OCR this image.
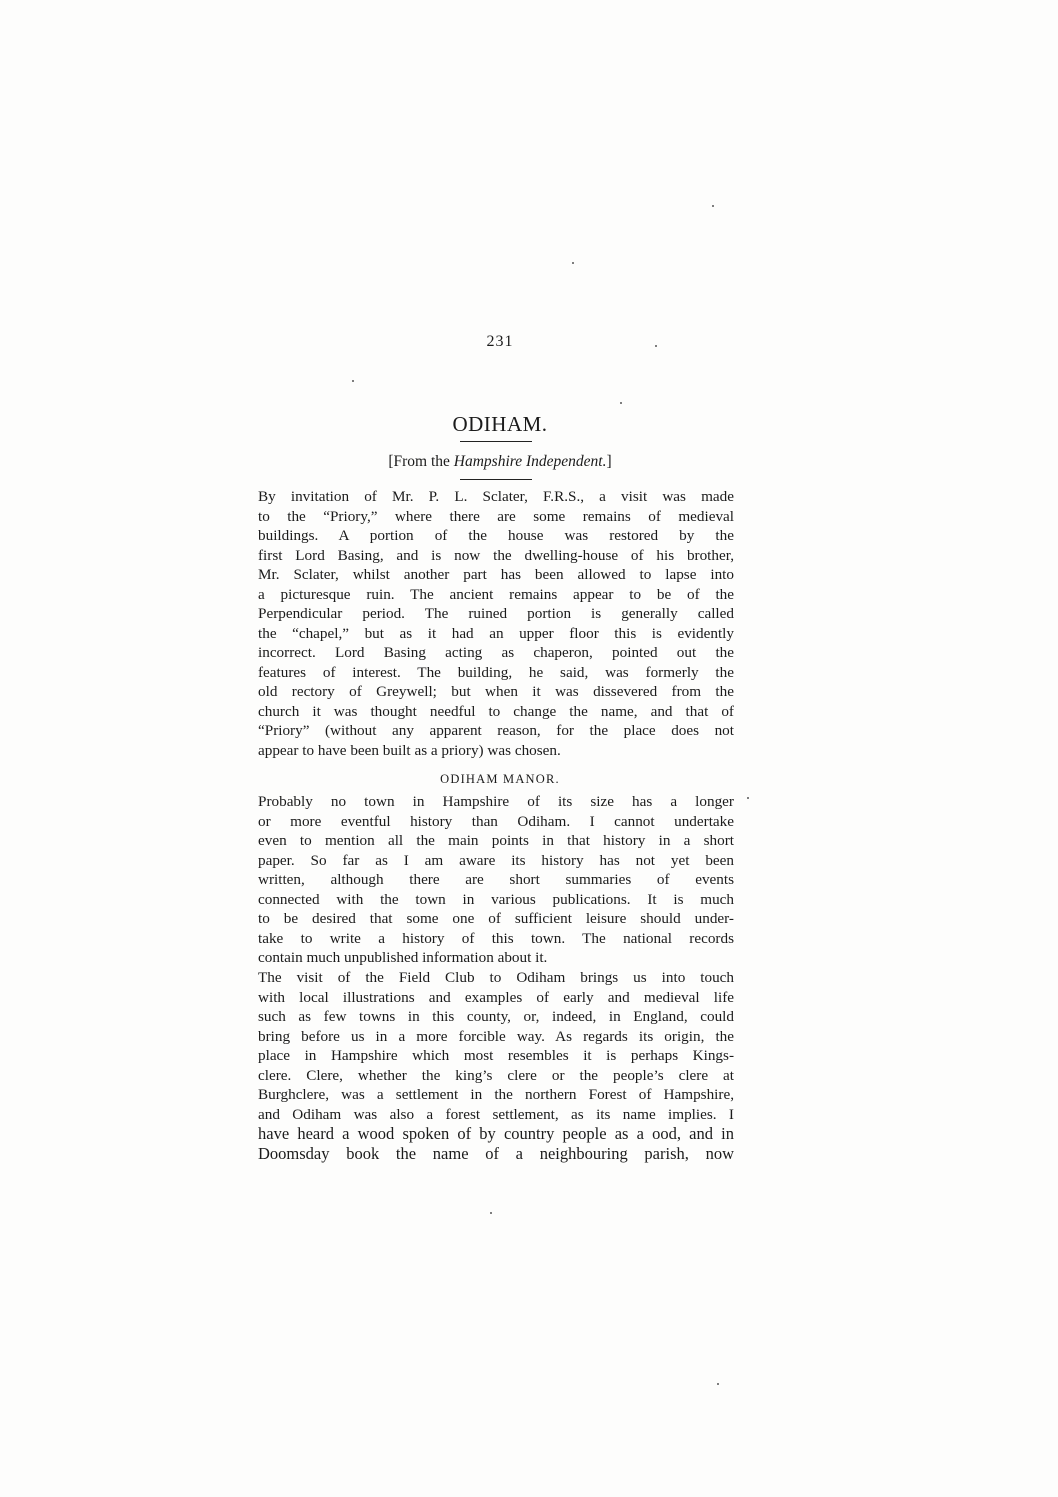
231
ODIHAM.
[From the Hampshire Independent.]
By invitation of Mr. P. L. Sclater, F.R.S., a visit was made
to the “Priory,” where there are some remains of medieval
buildings. A portion of the house was restored by the
first Lord Basing, and is now the dwelling-house of his brother,
Mr. Sclater, whilst another part has been allowed to lapse into
a picturesque ruin. The ancient remains appear to be of the
Perpendicular period. The ruined portion is generally called
the “chapel,” but as it had an upper floor this is evidently
incorrect. Lord Basing acting as chaperon, pointed out the
features of interest. The building, he said, was formerly the
old rectory of Greywell; but when it was dissevered from the
church it was thought needful to change the name, and that of
“Priory” (without any apparent reason, for the place does not
appear to have been built as a priory) was chosen.
ODIHAM MANOR.
Probably no town in Hampshire of its size has a longer
or more eventful history than Odiham. I cannot undertake
even to mention all the main points in that history in a short
paper. So far as I am aware its history has not yet been
written, although there are short summaries of events
connected with the town in various publications. It is much
to be desired that some one of sufficient leisure should under-
take to write a history of this town. The national records
contain much unpublished information about it.
The visit of the Field Club to Odiham brings us into touch
with local illustrations and examples of early and medieval life
such as few towns in this county, or, indeed, in England, could
bring before us in a more forcible way. As regards its origin, the
place in Hampshire which most resembles it is perhaps Kings-
clere. Clere, whether the king’s clere or the people’s clere at
Burghclere, was a settlement in the northern Forest of Hampshire,
and Odiham was also a forest settlement, as its name implies. I
have heard a wood spoken of by country people as a ood, and in
Doomsday book the name of a neighbouring parish, now
